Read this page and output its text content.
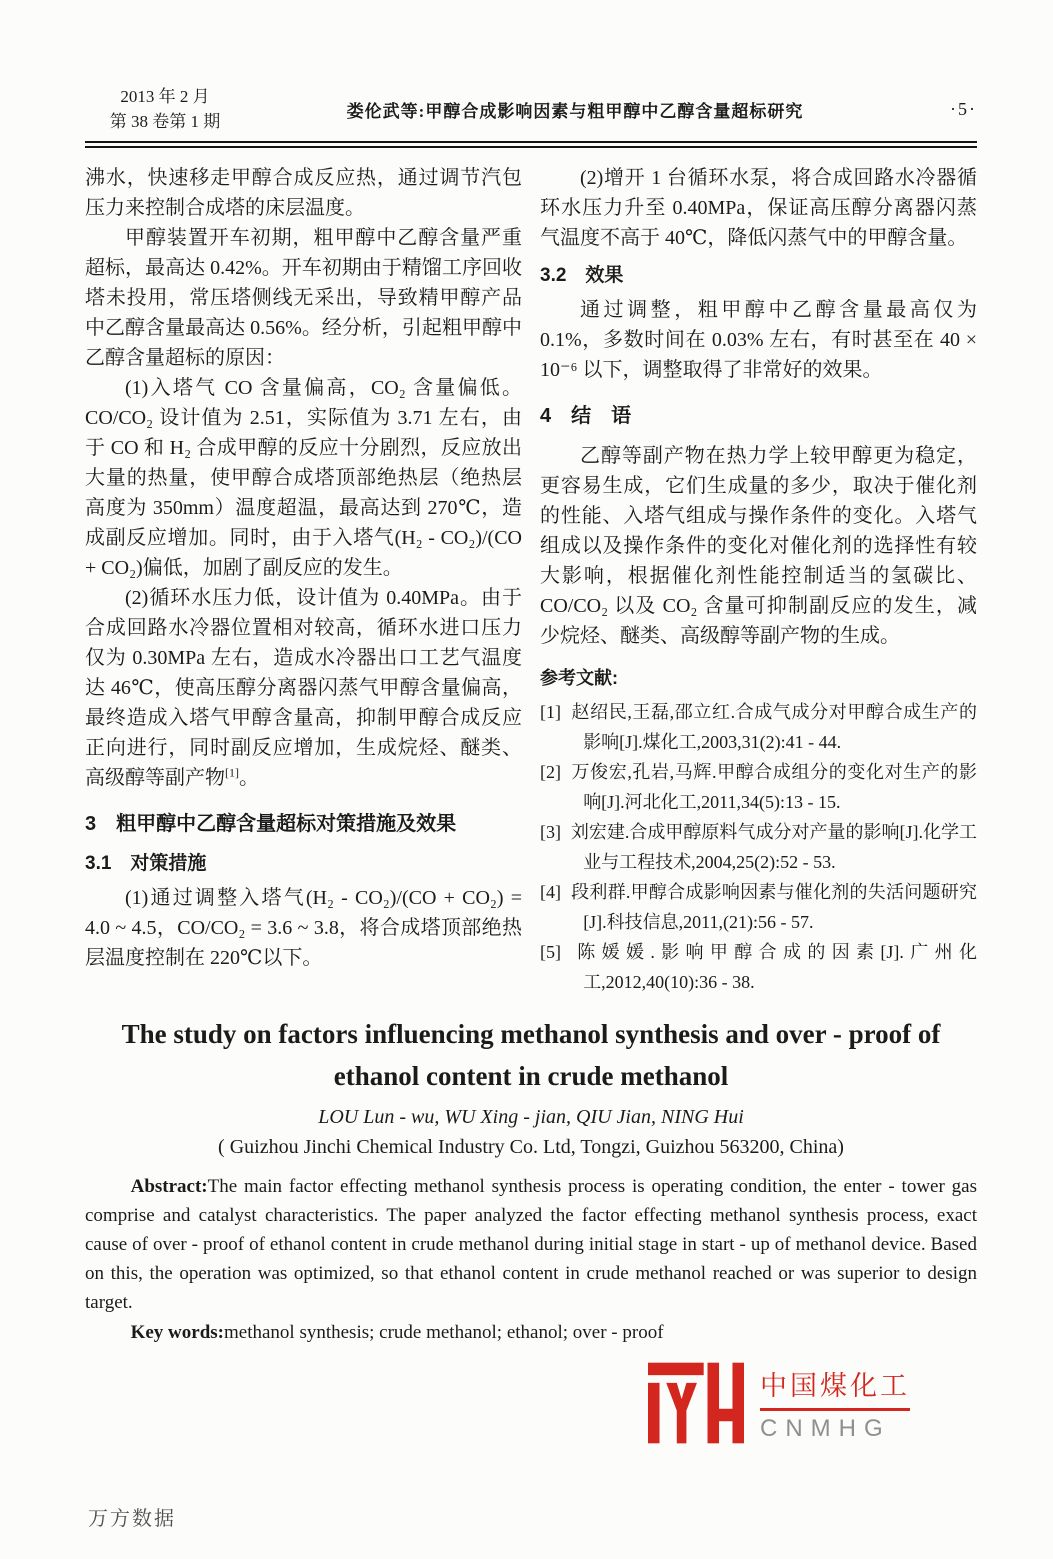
2013 年 2 月
第 38 卷第 1 期
娄伦武等:甲醇合成影响因素与粗甲醇中乙醇含量超标研究	·5·

沸水，快速移走甲醇合成反应热，通过调节汽包压力来控制合成塔的床层温度。

甲醇装置开车初期，粗甲醇中乙醇含量严重超标，最高达 0.42%。开车初期由于精馏工序回收塔未投用，常压塔侧线无采出，导致精甲醇产品中乙醇含量最高达 0.56%。经分析，引起粗甲醇中乙醇含量超标的原因：

(1)入塔气 CO 含量偏高，CO₂ 含量偏低。CO/CO₂ 设计值为 2.51，实际值为 3.71 左右，由于 CO 和 H₂ 合成甲醇的反应十分剧烈，反应放出大量的热量，使甲醇合成塔顶部绝热层（绝热层高度为 350mm）温度超温，最高达到 270℃，造成副反应增加。同时，由于入塔气(H₂ - CO₂)/(CO + CO₂)偏低，加剧了副反应的发生。

(2)循环水压力低，设计值为 0.40MPa。由于合成回路水冷器位置相对较高，循环水进口压力仅为 0.30MPa 左右，造成水冷器出口工艺气温度达 46℃，使高压醇分离器闪蒸气甲醇含量偏高，最终造成入塔气甲醇含量高，抑制甲醇合成反应正向进行，同时副反应增加，生成烷烃、醚类、高级醇等副产物[1]。

3　粗甲醇中乙醇含量超标对策措施及效果
3.1　对策措施

(1)通过调整入塔气(H₂ - CO₂)/(CO + CO₂) = 4.0 ~ 4.5，CO/CO₂ = 3.6 ~ 3.8，将合成塔顶部绝热层温度控制在 220℃以下。

(2)增开 1 台循环水泵，将合成回路水冷器循环水压力升至 0.40MPa，保证高压醇分离器闪蒸气温度不高于 40℃，降低闪蒸气中的甲醇含量。

3.2　效果

通过调整，粗甲醇中乙醇含量最高仅为 0.1%，多数时间在 0.03% 左右，有时甚至在 40 × 10⁻⁶ 以下，调整取得了非常好的效果。

4　结　语

乙醇等副产物在热力学上较甲醇更为稳定，更容易生成，它们生成量的多少，取决于催化剂的性能、入塔气组成与操作条件的变化。入塔气组成以及操作条件的变化对催化剂的选择性有较大影响，根据催化剂性能控制适当的氢碳比、CO/CO₂ 以及 CO₂ 含量可抑制副反应的发生，减少烷烃、醚类、高级醇等副产物的生成。

参考文献:

[1] 赵绍民,王磊,邵立红.合成气成分对甲醇合成生产的影响[J].煤化工,2003,31(2):41 - 44.

[2] 万俊宏,孔岩,马辉.甲醇合成组分的变化对生产的影响[J].河北化工,2011,34(5):13 - 15.

[3] 刘宏建.合成甲醇原料气成分对产量的影响[J].化学工业与工程技术,2004,25(2):52 - 53.

[4] 段利群.甲醇合成影响因素与催化剂的失活问题研究[J].科技信息,2011,(21):56 - 57.

[5] 陈媛媛.影响甲醇合成的因素[J].广州化工,2012,40(10):36 - 38.

The study on factors influencing methanol synthesis and over - proof of
ethanol content in crude methanol
LOU Lun - wu, WU Xing - jian, QIU Jian, NING Hui
( Guizhou Jinchi Chemical Industry Co. Ltd, Tongzi, Guizhou 563200, China)

Abstract:The main factor effecting methanol synthesis process is operating condition, the enter - tower gas comprise and catalyst characteristics. The paper analyzed the factor effecting methanol synthesis process, exact cause of over - proof of ethanol content in crude methanol during initial stage in start - up of methanol device. Based on this, the operation was optimized, so that ethanol content in crude methanol reached or was superior to design target.

Key words:methanol synthesis; crude methanol; ethanol; over - proof

中国煤化工
CNMHG
万方数据
